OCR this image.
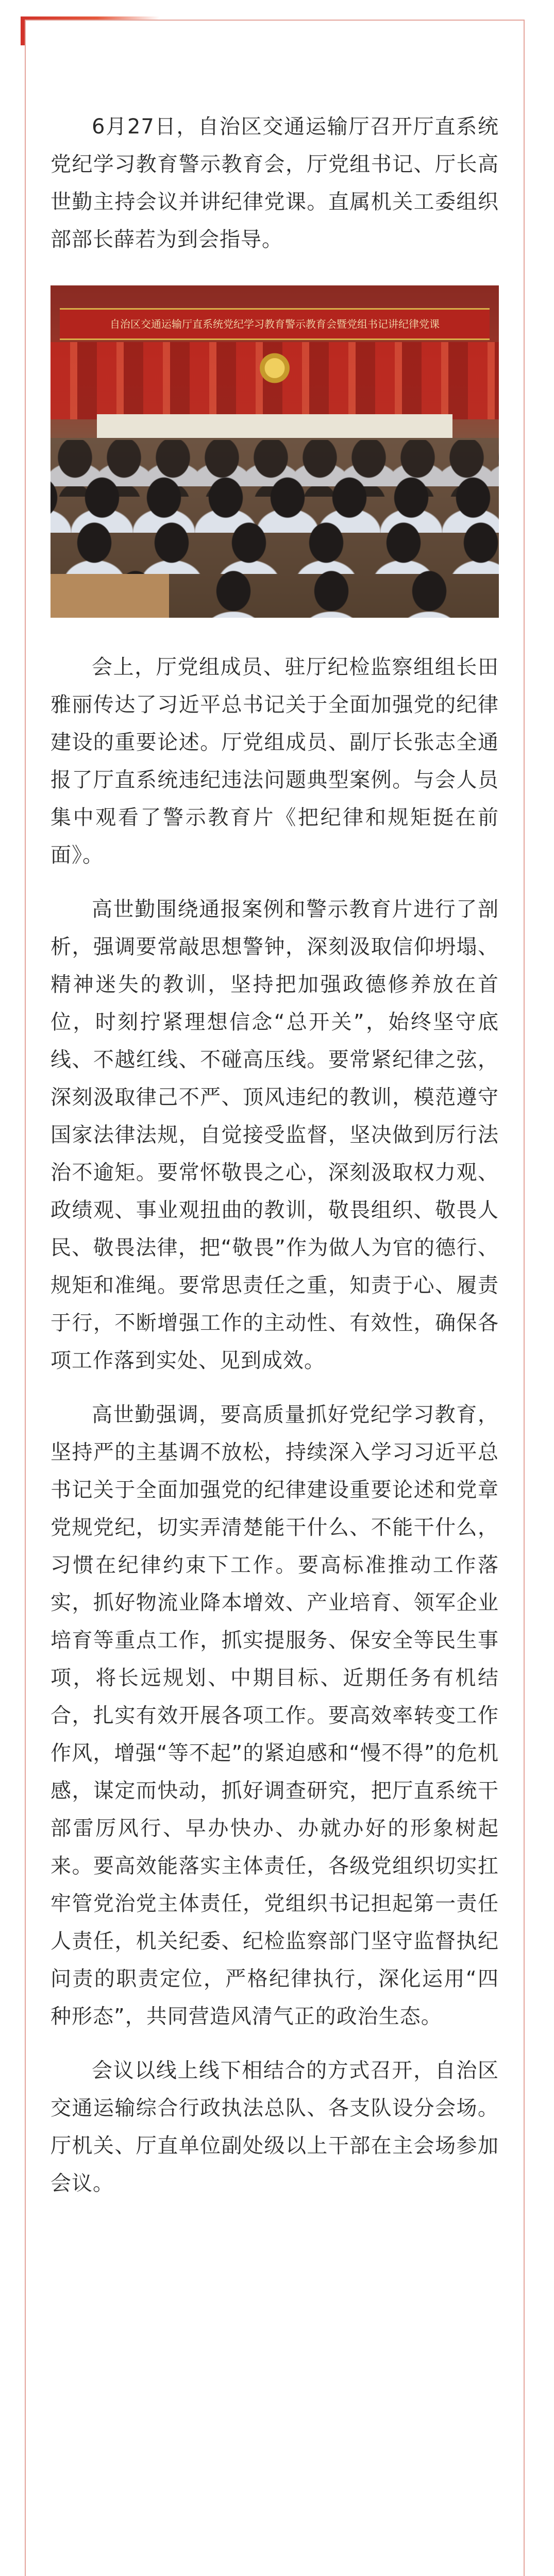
6月27日，自治区交通运输厅召开厅直系统党纪学习教育警示教育会，厅党组书记、厅长高世勤主持会议并讲纪律党课。直属机关工委组织部部长薛若为到会指导。

自治区交通运输厅直系统党纪学习教育警示教育会暨党组书记讲纪律党课

会上，厅党组成员、驻厅纪检监察组组长田雅丽传达了习近平总书记关于全面加强党的纪律建设的重要论述。厅党组成员、副厅长张志全通报了厅直系统违纪违法问题典型案例。与会人员集中观看了警示教育片《把纪律和规矩挺在前面》。

高世勤围绕通报案例和警示教育片进行了剖析，强调要常敲思想警钟，深刻汲取信仰坍塌、精神迷失的教训，坚持把加强政德修养放在首位，时刻拧紧理想信念“总开关”，始终坚守底线、不越红线、不碰高压线。要常紧纪律之弦，深刻汲取律己不严、顶风违纪的教训，模范遵守国家法律法规，自觉接受监督，坚决做到厉行法治不逾矩。要常怀敬畏之心，深刻汲取权力观、政绩观、事业观扭曲的教训，敬畏组织、敬畏人民、敬畏法律，把“敬畏”作为做人为官的德行、规矩和准绳。要常思责任之重，知责于心、履责于行，不断增强工作的主动性、有效性，确保各项工作落到实处、见到成效。

高世勤强调，要高质量抓好党纪学习教育，坚持严的主基调不放松，持续深入学习习近平总书记关于全面加强党的纪律建设重要论述和党章党规党纪，切实弄清楚能干什么、不能干什么，习惯在纪律约束下工作。要高标准推动工作落实，抓好物流业降本增效、产业培育、领军企业培育等重点工作，抓实提服务、保安全等民生事项，将长远规划、中期目标、近期任务有机结合，扎实有效开展各项工作。要高效率转变工作作风，增强“等不起”的紧迫感和“慢不得”的危机感，谋定而快动，抓好调查研究，把厅直系统干部雷厉风行、早办快办、办就办好的形象树起来。要高效能落实主体责任，各级党组织切实扛牢管党治党主体责任，党组织书记担起第一责任人责任，机关纪委、纪检监察部门坚守监督执纪问责的职责定位，严格纪律执行，深化运用“四种形态”，共同营造风清气正的政治生态。

会议以线上线下相结合的方式召开，自治区交通运输综合行政执法总队、各支队设分会场。厅机关、厅直单位副处级以上干部在主会场参加会议。
